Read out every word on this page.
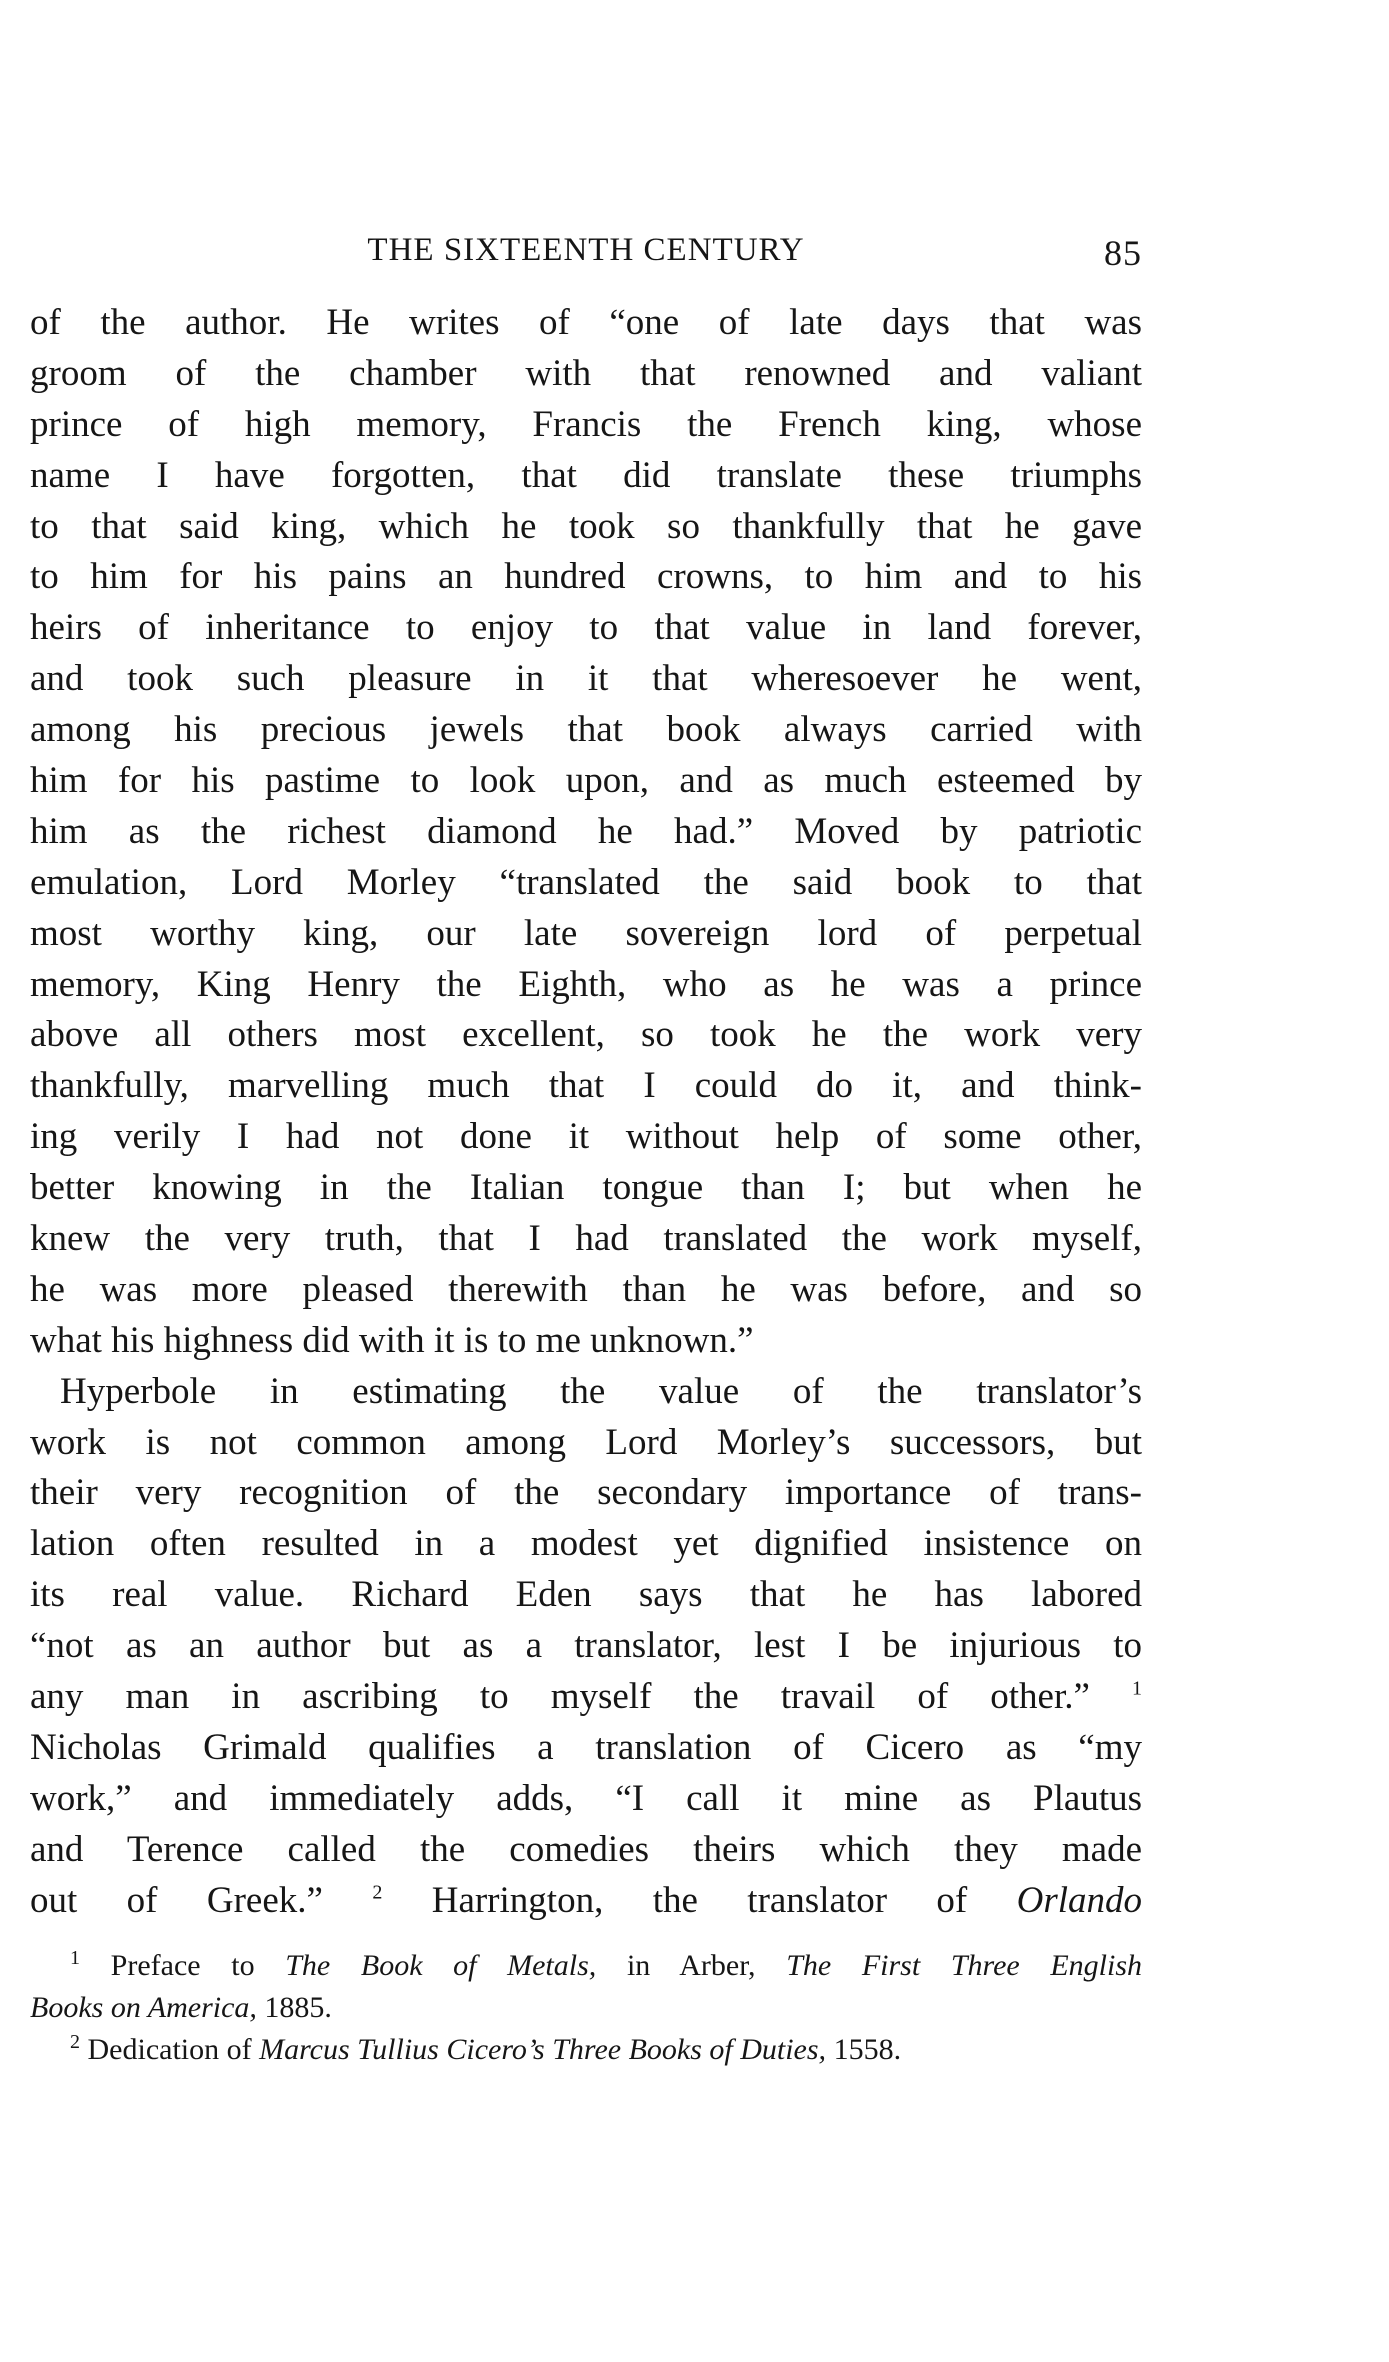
THE SIXTEENTH CENTURY	85
of the author. He writes of “one of late days that was
groom of the chamber with that renowned and valiant
prince of high memory, Francis the French king, whose
name I have forgotten, that did translate these triumphs
to that said king, which he took so thankfully that he gave
to him for his pains an hundred crowns, to him and to his
heirs of inheritance to enjoy to that value in land forever,
and took such pleasure in it that wheresoever he went,
among his precious jewels that book always carried with
him for his pastime to look upon, and as much esteemed by
him as the richest diamond he had.” Moved by patriotic
emulation, Lord Morley “translated the said book to that
most worthy king, our late sovereign lord of perpetual
memory, King Henry the Eighth, who as he was a prince
above all others most excellent, so took he the work very
thankfully, marvelling much that I could do it, and think-
ing verily I had not done it without help of some other,
better knowing in the Italian tongue than I; but when he
knew the very truth, that I had translated the work myself,
he was more pleased therewith than he was before, and so
what his highness did with it is to me unknown.”
Hyperbole in estimating the value of the translator’s
work is not common among Lord Morley’s successors, but
their very recognition of the secondary importance of trans-
lation often resulted in a modest yet dignified insistence on
its real value. Richard Eden says that he has labored
“not as an author but as a translator, lest I be injurious to
any man in ascribing to myself the travail of other.” $^1$
Nicholas Grimald qualifies a translation of Cicero as “my
work,” and immediately adds, “I call it mine as Plautus
and Terence called the comedies theirs which they made
out of Greek.” $^2$ Harrington, the translator of Orlando
$^1$ Preface to The Book of Metals, in Arber, The First Three English
Books on America, 1885.
$^2$ Dedication of Marcus Tullius Cicero’s Three Books of Duties, 1558.
